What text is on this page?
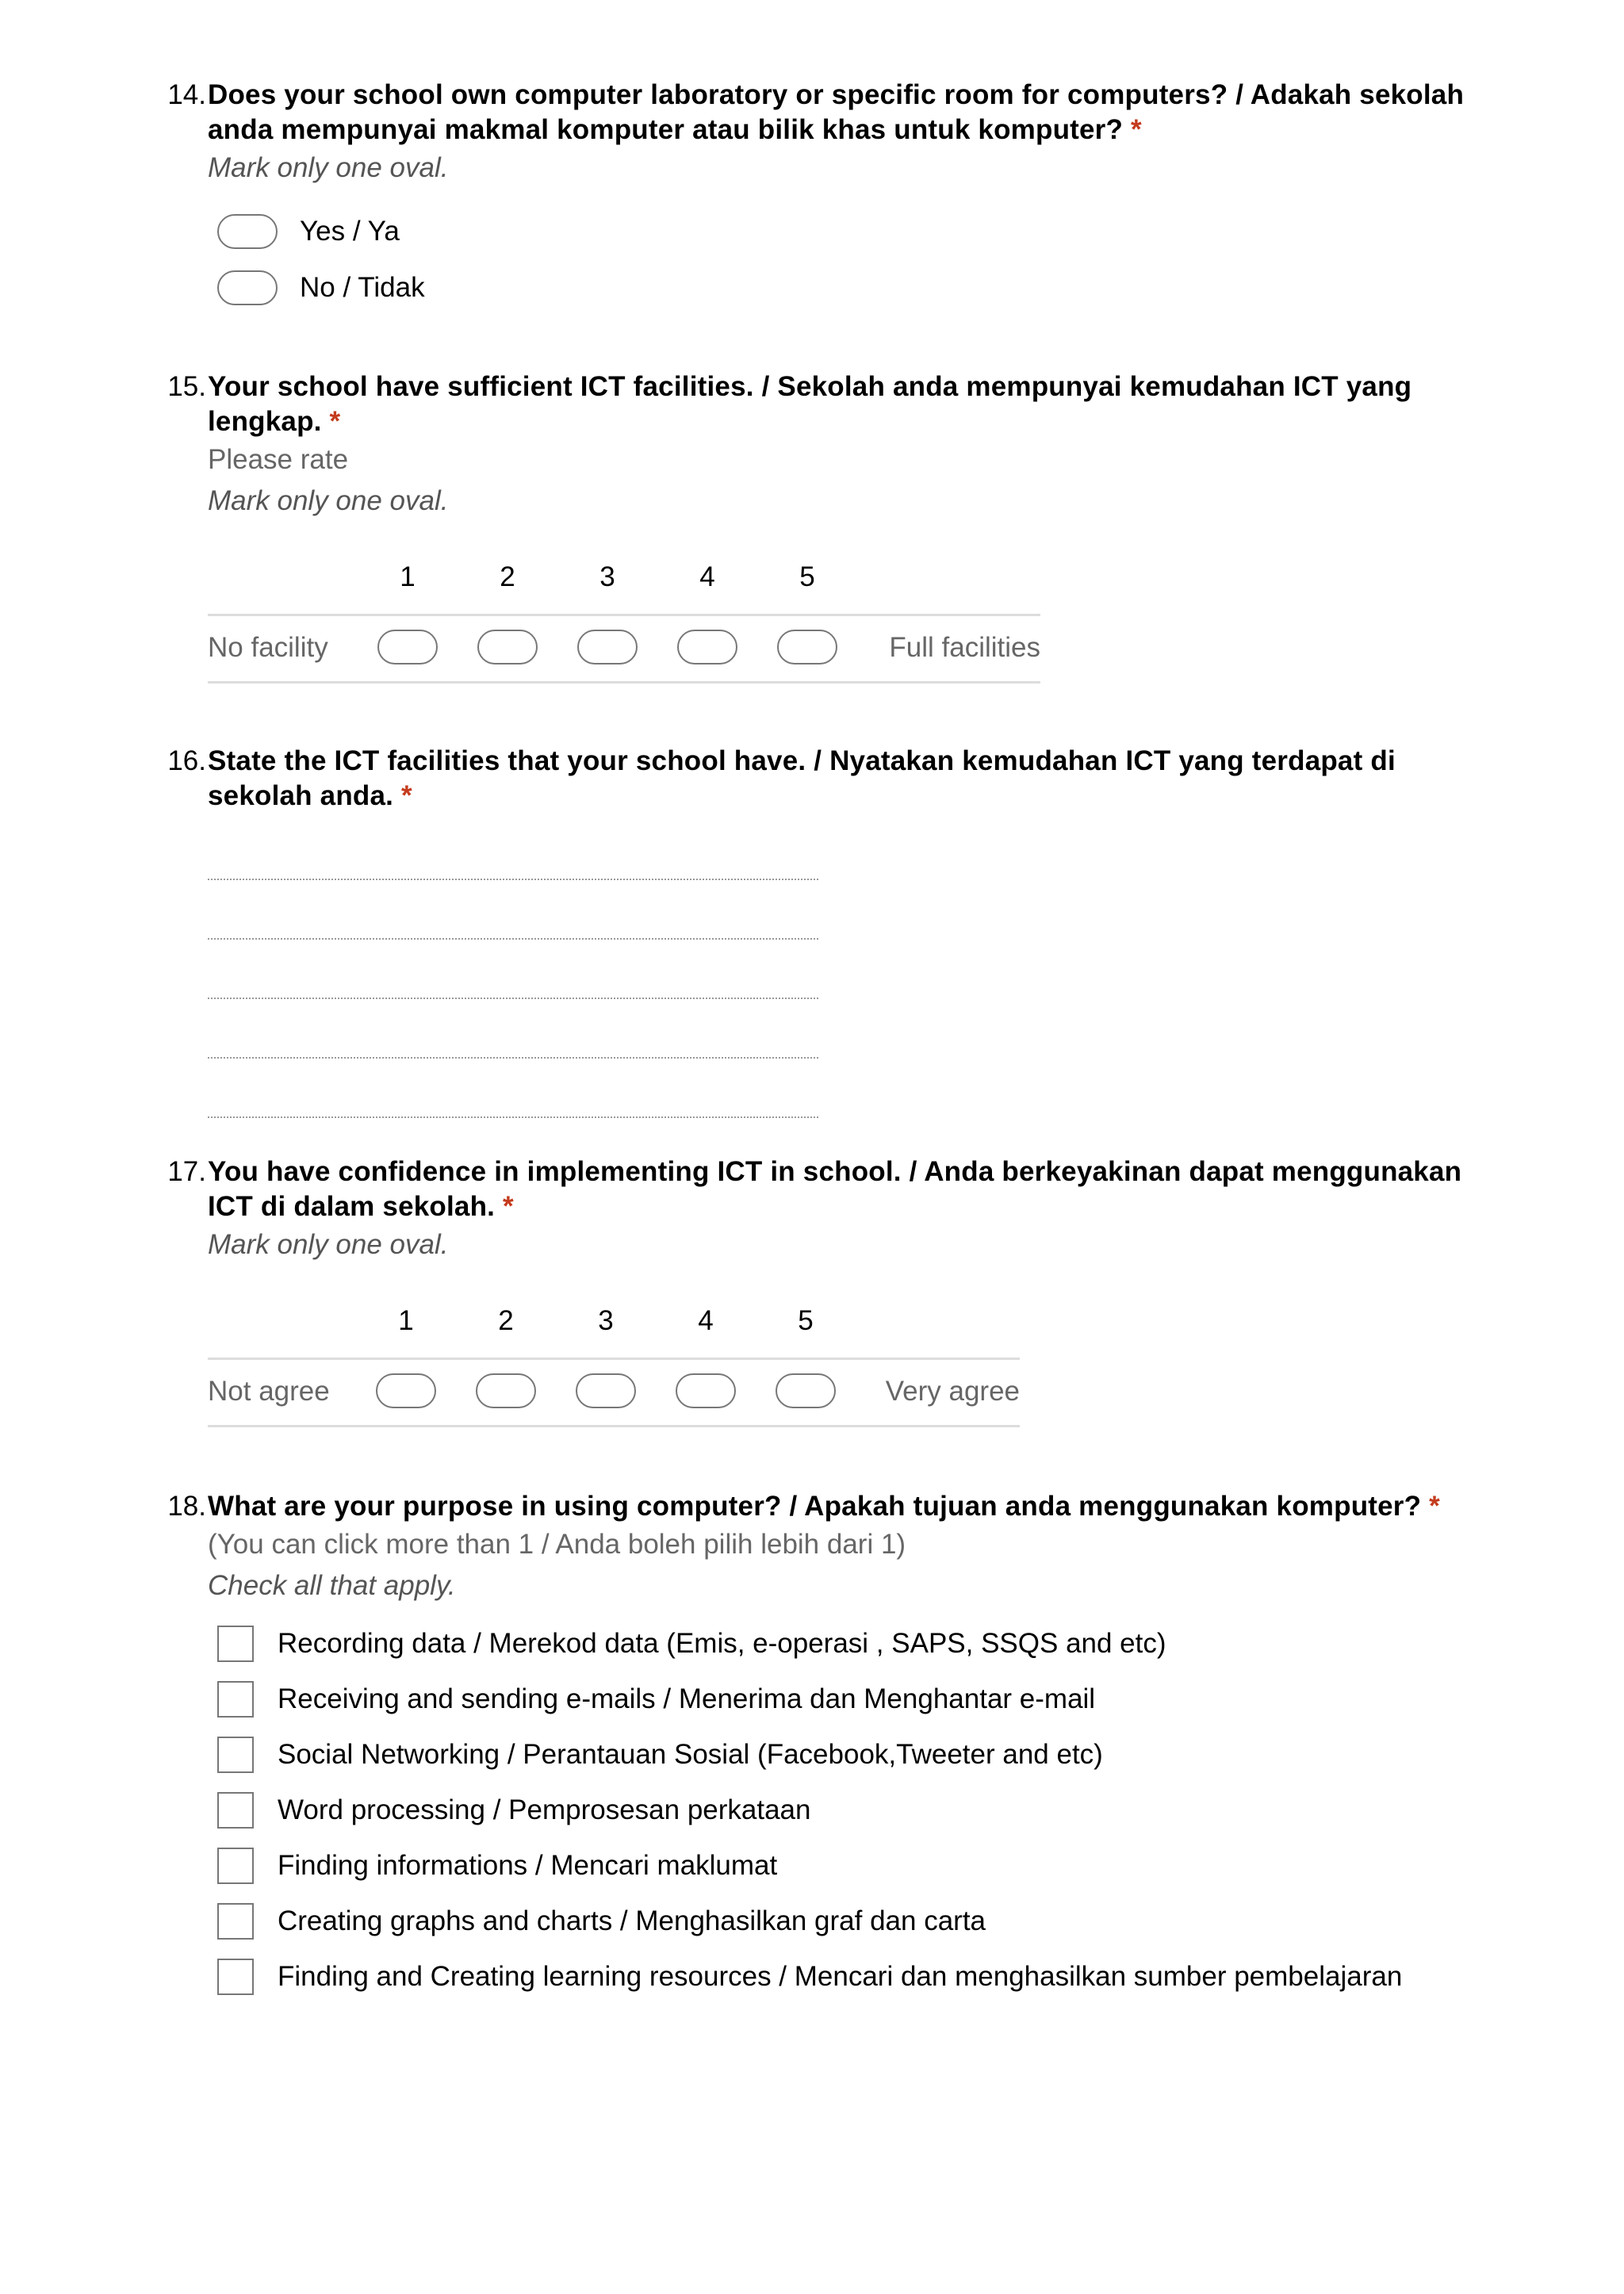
14. Does your school own computer laboratory or specific room for computers? / Adakah sekolah anda mempunyai makmal komputer atau bilik khas untuk komputer? *
Mark only one oval.
Yes / Ya
No / Tidak
15. Your school have sufficient ICT facilities. / Sekolah anda mempunyai kemudahan ICT yang lengkap. *
Please rate
Mark only one oval.
1	2	3	4	5
No facility	Full facilities
16. State the ICT facilities that your school have. / Nyatakan kemudahan ICT yang terdapat di sekolah anda. *
17. You have confidence in implementing ICT in school. / Anda berkeyakinan dapat menggunakan ICT di dalam sekolah. *
Mark only one oval.
1	2	3	4	5
Not agree	Very agree
18. What are your purpose in using computer? / Apakah tujuan anda menggunakan komputer? *
(You can click more than 1 / Anda boleh pilih lebih dari 1)
Check all that apply.
Recording data / Merekod data (Emis, e-operasi , SAPS, SSQS and etc)
Receiving and sending e-mails / Menerima dan Menghantar e-mail
Social Networking / Perantauan Sosial (Facebook,Tweeter and etc)
Word processing / Pemprosesan perkataan
Finding informations / Mencari maklumat
Creating graphs and charts / Menghasilkan graf dan carta
Finding and Creating learning resources / Mencari dan menghasilkan sumber pembelajaran
